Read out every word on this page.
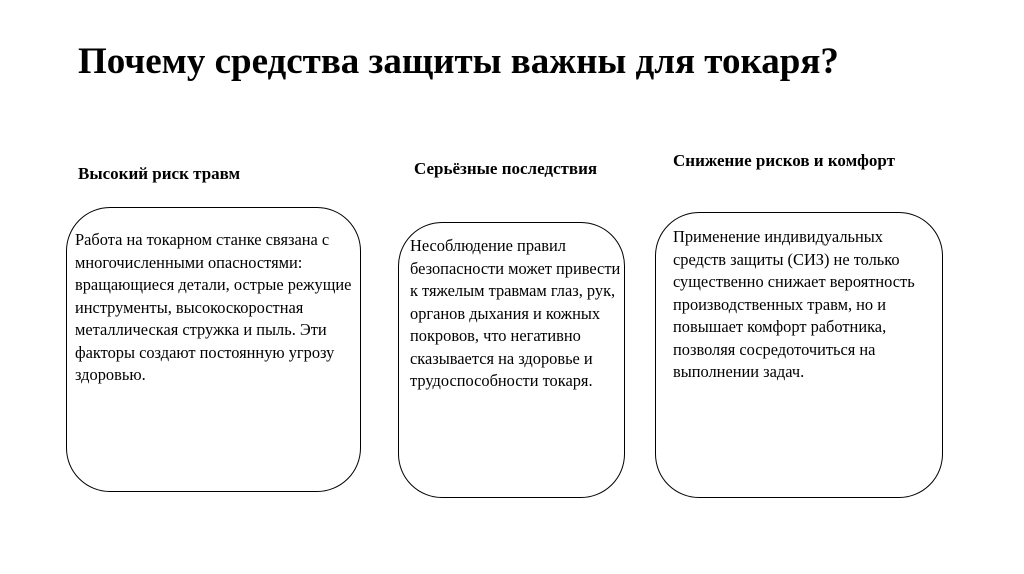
Почему средства защиты важны для токаря?
Высокий риск травм	Серьёзные последствия	Снижение рисков и комфорт

Работа на токарном станке связана с многочисленными опасностями: вращающиеся детали, острые режущие инструменты, высокоскоростная металлическая стружка и пыль. Эти факторы создают постоянную угрозу здоровью.

Несоблюдение правил безопасности может привести к тяжелым травмам глаз, рук, органов дыхания и кожных покровов, что негативно сказывается на здоровье и трудоспособности токаря.

Применение индивидуальных средств защиты (СИЗ) не только существенно снижает вероятность производственных травм, но и повышает комфорт работника, позволяя сосредоточиться на выполнении задач.
